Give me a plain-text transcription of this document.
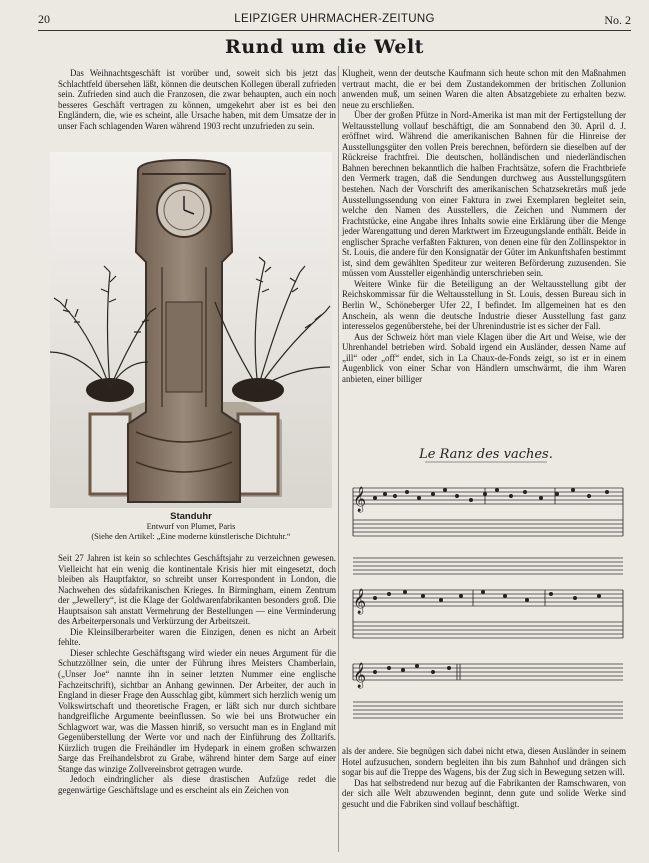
20	LEIPZIGER UHRMACHER-ZEITUNG	No. 2
Rund um die Welt

Das Weihnachtsgeschäft ist vorüber und, soweit sich bis jetzt das Schlachtfeld übersehen läßt, können die deutschen Kollegen überall zufrieden sein. Zufrieden sind auch die Franzosen, die zwar behaupten, auch ein noch besseres Geschäft vertragen zu können, umgekehrt aber ist es bei den Engländern, die, wie es scheint, alle Ursache haben, mit dem Umsatze der in unser Fach schlagenden Waren während 1903 recht unzufrieden zu sein.

Standuhr
Entwurf von Plumet, Paris
(Siehe den Artikel: „Eine moderne künstlerische Dichtuhr.“

Seit 27 Jahren ist kein so schlechtes Geschäftsjahr zu verzeichnen gewesen. Vielleicht hat ein wenig die kontinentale Krisis hier mit eingesetzt, doch bleiben als Hauptfaktor, so schreibt unser Korrespondent in London, die Nachwehen des südafrikanischen Krieges. In Birmingham, einem Zentrum der „Jewellery“, ist die Klage der Goldwarenfabrikanten besonders groß. Die Hauptsaison sah anstatt Vermehrung der Bestellungen — eine Verminderung des Arbeiterpersonals und Verkürzung der Arbeitszeit.

Die Kleinsilberarbeiter waren die Einzigen, denen es nicht an Arbeit fehlte.

Dieser schlechte Geschäftsgang wird wieder ein neues Argument für die Schutzzöllner sein, die unter der Führung ihres Meisters Chamberlain, („Unser Joe“ nannte ihn in seiner letzten Nummer eine englische Fachzeitschrift), sichtbar an Anhang gewinnen. Der Arbeiter, der auch in England in dieser Frage den Ausschlag gibt, kümmert sich herzlich wenig um Volkswirtschaft und theoretische Fragen, er läßt sich nur durch sichtbare handgreifliche Argumente beeinflussen. So wie bei uns Brotwucher ein Schlagwort war, was die Massen hinriß, so versucht man es in England mit Gegenüberstellung der Werte vor und nach der Einführung des Zolltarifs. Kürzlich trugen die Freihändler im Hydepark in einem großen schwarzen Sarge das Freihandelsbrot zu Grabe, während hinter dem Sarge auf einer Stange das winzige Zollvereinsbrot getragen wurde.

Jedoch eindringlicher als diese drastischen Aufzüge redet die gegenwärtige Geschäftslage und es erscheint als ein Zeichen von

Klugheit, wenn der deutsche Kaufmann sich heute schon mit den Maßnahmen vertraut macht, die er bei dem Zustandekommen der britischen Zollunion anwenden muß, um seinen Waren die alten Absatzgebiete zu erhalten bezw. neue zu erschließen.

Über der großen Pfütze in Nord-Amerika ist man mit der Fertigstellung der Weltausstellung vollauf beschäftigt, die am Sonnabend den 30. April d. J. eröffnet wird. Während die amerikanischen Bahnen für die Hinreise der Ausstellungsgüter den vollen Preis berechnen, befördern sie dieselben auf der Rückreise frachtfrei. Die deutschen, holländischen und niederländischen Bahnen berechnen bekanntlich die halben Frachtsätze, sofern die Frachtbriefe den Vermerk tragen, daß die Sendungen durchweg aus Ausstellungsgütern bestehen. Nach der Vorschrift des amerikanischen Schatzsekretärs muß jede Ausstellungssendung von einer Faktura in zwei Exemplaren begleitet sein, welche den Namen des Ausstellers, die Zeichen und Nummern der Frachtstücke, eine Angabe ihres Inhalts sowie eine Erklärung über die Menge jeder Warengattung und deren Marktwert im Erzeugungslande enthält. Beide in englischer Sprache verfaßten Fakturen, von denen eine für den Zollinspektor in St. Louis, die andere für den Konsignatär der Güter im Ankunftshafen bestimmt ist, sind dem gewählten Spediteur zur weiteren Beförderung zuzusenden. Sie müssen vom Aussteller eigenhändig unterschrieben sein.

Weitere Winke für die Beteiligung an der Weltausstellung gibt der Reichskommissar für die Weltausstellung in St. Louis, dessen Bureau sich in Berlin W., Schöneberger Ufer 22, I befindet. Im allgemeinen hat es den Anschein, als wenn die deutsche Industrie dieser Ausstellung fast ganz interesselos gegenüberstehe, bei der Uhrenindustrie ist es sicher der Fall.

Aus der Schweiz hört man viele Klagen über die Art und Weise, wie der Uhrenhandel betrieben wird. Sobald irgend ein Ausländer, dessen Name auf „ill“ oder „off“ endet, sich in La Chaux-de-Fonds zeigt, so ist er in einem Augenblick von einer Schar von Händlern umschwärmt, die ihm Waren anbieten, einer billiger

Le Ranz des vaches.
𝄞
𝄞
𝄞

als der andere. Sie begnügen sich dabei nicht etwa, diesen Ausländer in seinem Hotel aufzusuchen, sondern begleiten ihn bis zum Bahnhof und drängen sich sogar bis auf die Treppe des Wagens, bis der Zug sich in Bewegung setzen will.

Das hat selbstredend nur bezug auf die Fabrikanten der Ramschwaren, von der sich alle Welt abzuwenden beginnt, denn gute und solide Werke sind gesucht und die Fabriken sind vollauf beschäftigt.
